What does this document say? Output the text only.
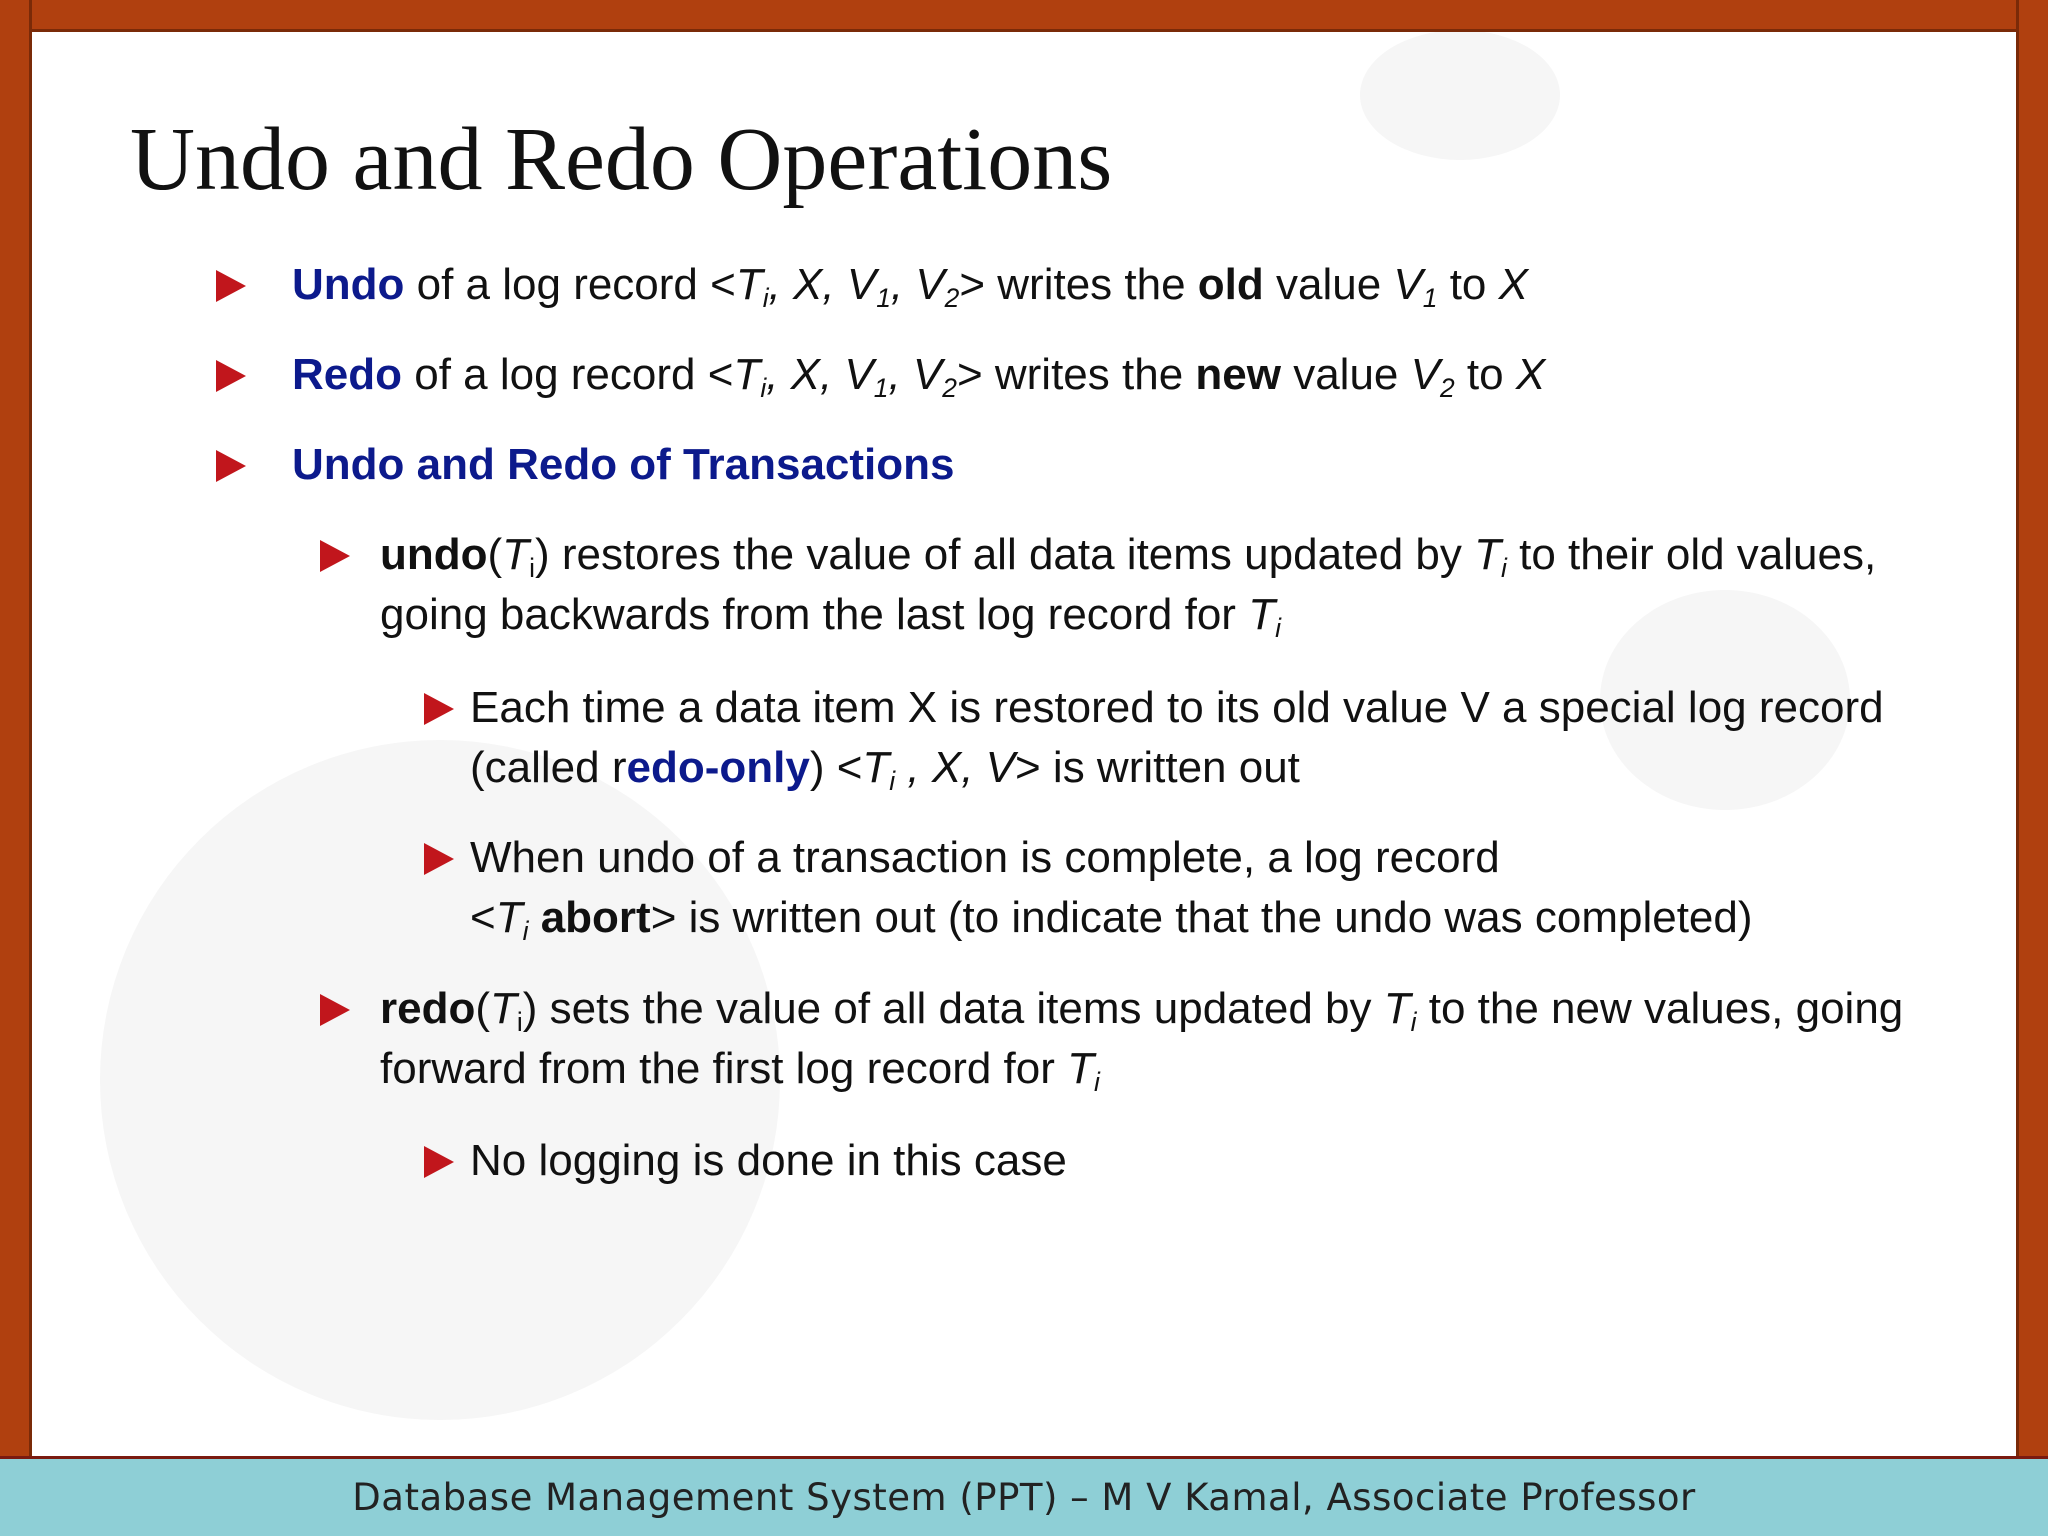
Undo and Redo Operations
Undo of a log record $<T_i$, X, $V_1$, $V_2>$ writes the old value $V_1$ to X
Redo of a log record $<T_i$, X, $V_1$, $V_2>$ writes the new value $V_2$ to X
Undo and Redo of Transactions
$undo(T_i)$ restores the value of all data items updated by $T_i$ to their old values,
going backwards from the last log record for $T_i$
Each time a data item X is restored to its old value V a special log record
(called redo-only) $<T_i$ , X, V> is written out
When undo of a transaction is complete, a log record
$<T_i$ abort> is written out (to indicate that the undo was completed)
$redo(T_i)$ sets the value of all data items updated by $T_i$ to the new values, going
forward from the first log record for $T_i$
No logging is done in this case
Database Management System (PPT) – M V Kamal, Associate Professor
